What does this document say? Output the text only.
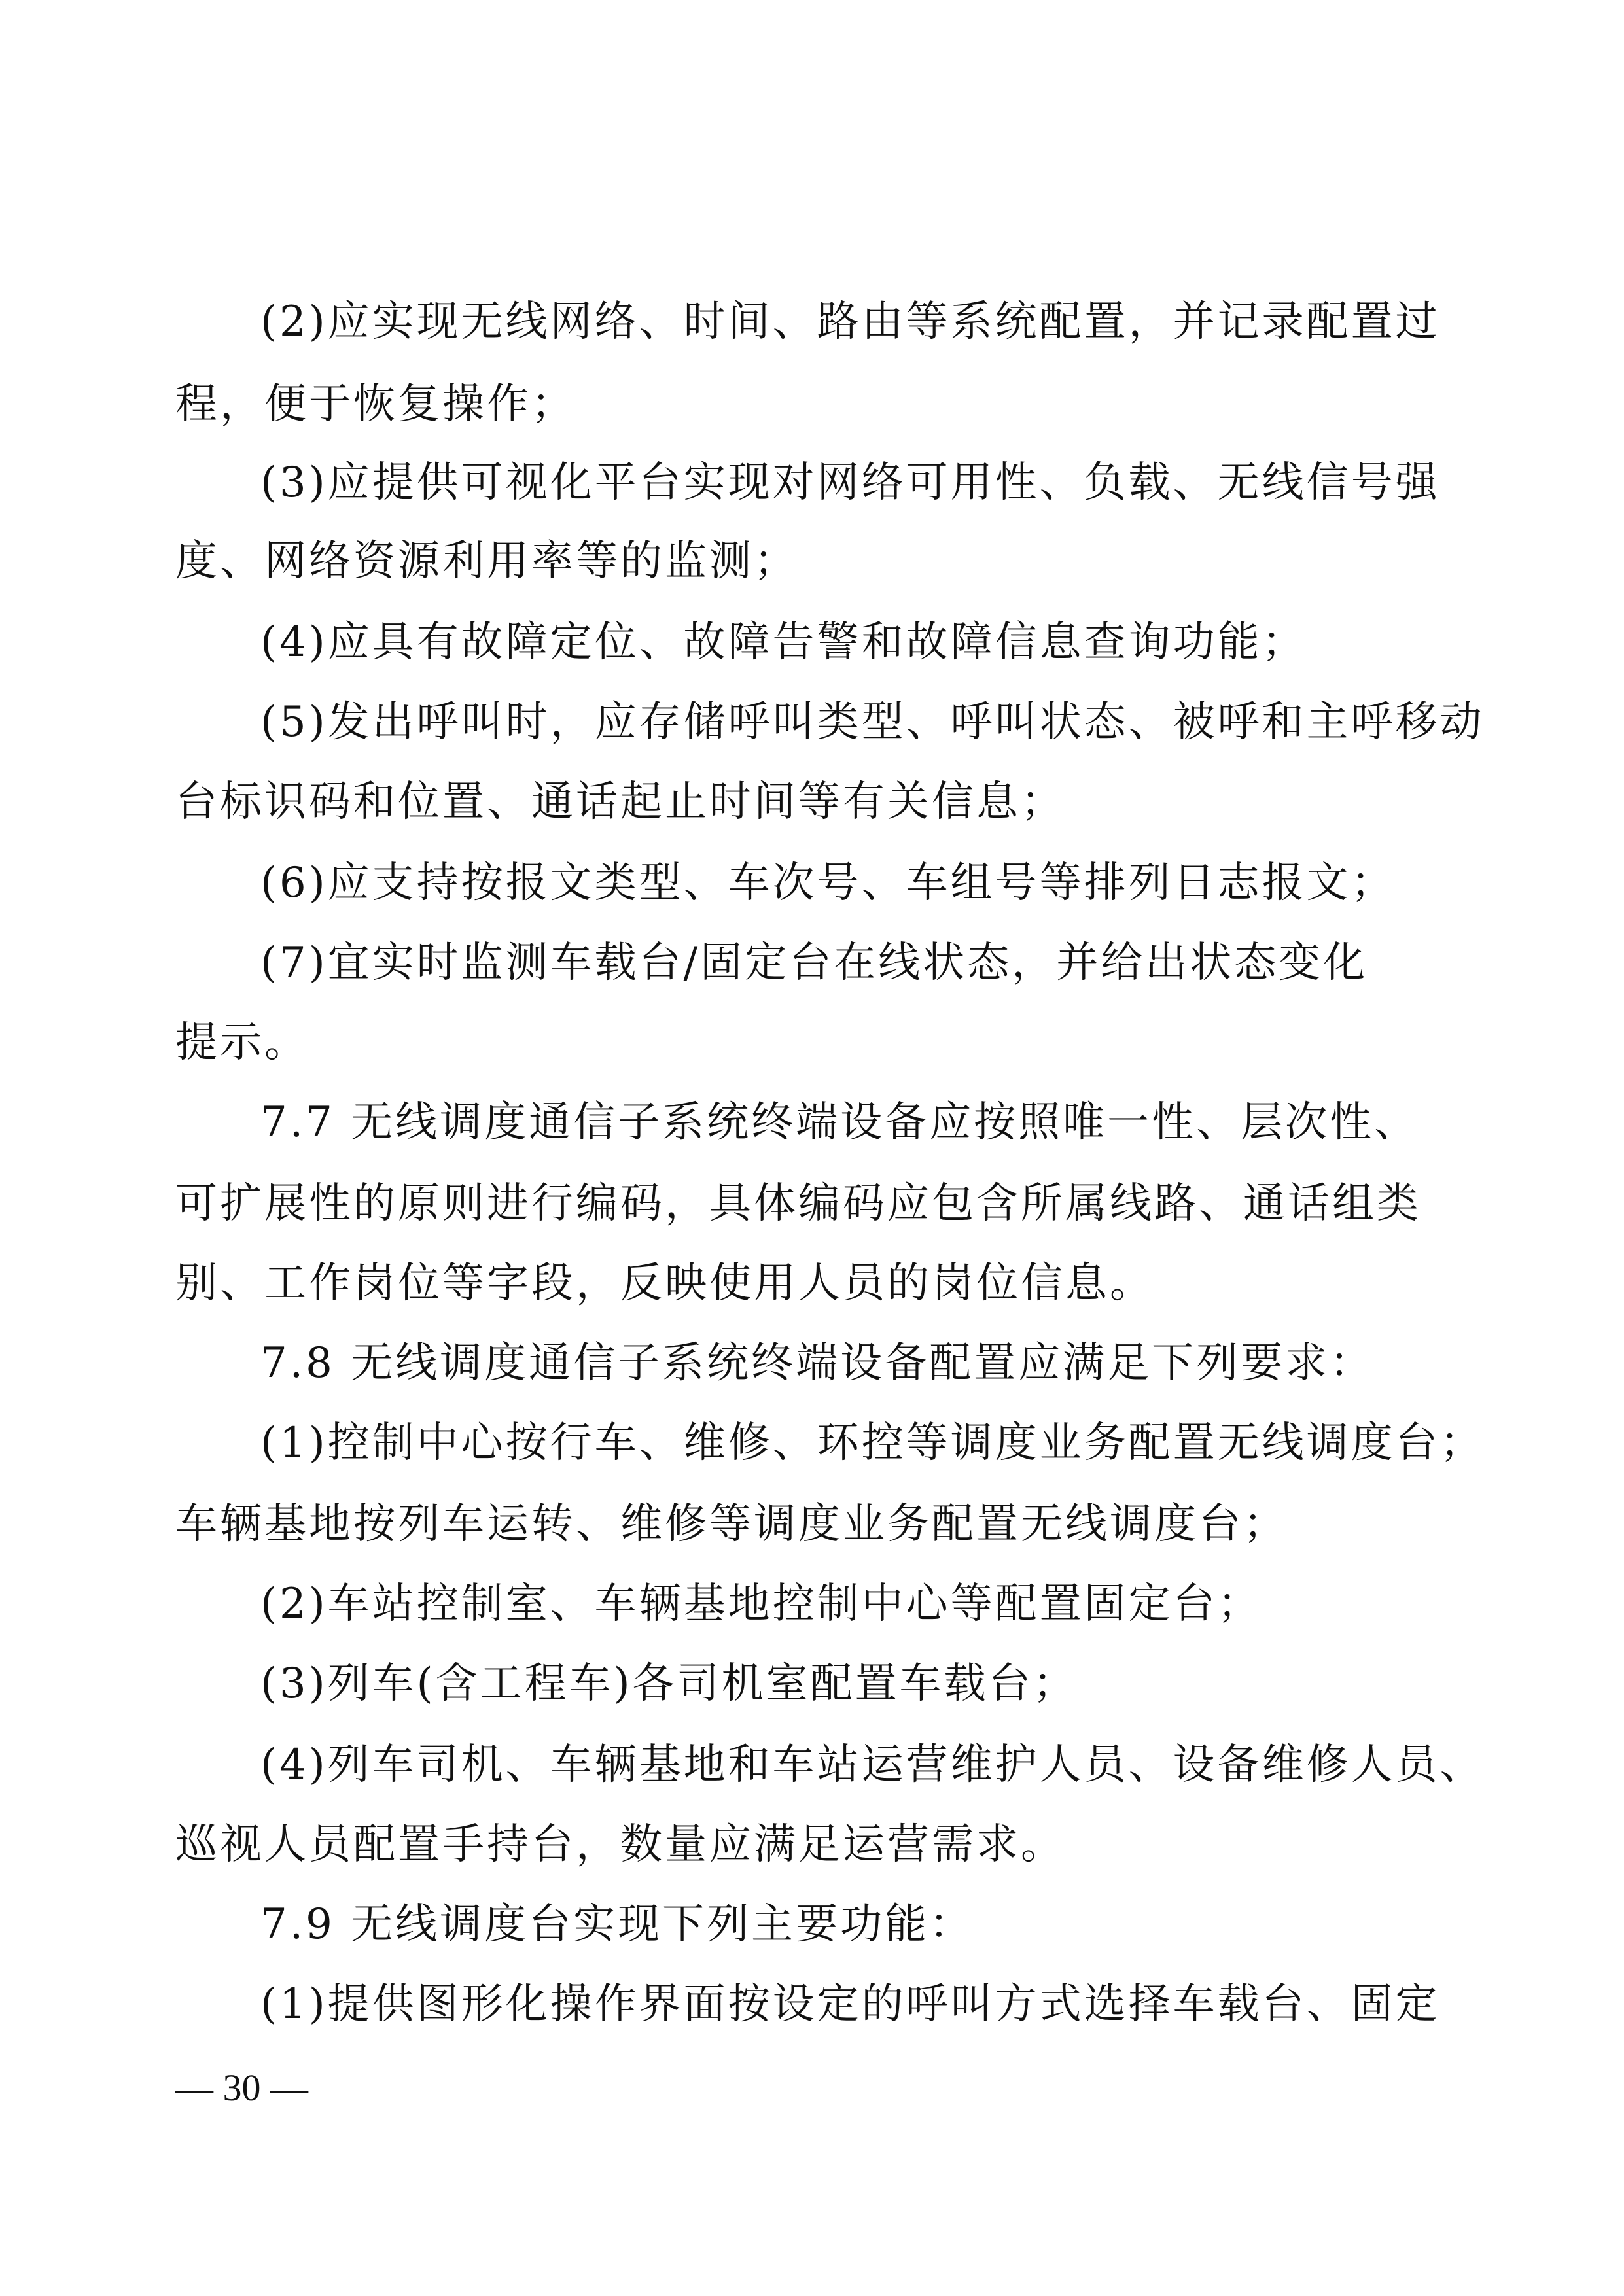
(2)应实现无线网络、时间、路由等系统配置，并记录配置过
程，便于恢复操作；
(3)应提供可视化平台实现对网络可用性、负载、无线信号强
度、网络资源利用率等的监测；
(4)应具有故障定位、故障告警和故障信息查询功能；
(5)发出呼叫时，应存储呼叫类型、呼叫状态、被呼和主呼移动
台标识码和位置、通话起止时间等有关信息；
(6)应支持按报文类型、车次号、车组号等排列日志报文；
(7)宜实时监测车载台/固定台在线状态，并给出状态变化
提示。
7.7 无线调度通信子系统终端设备应按照唯一性、层次性、
可扩展性的原则进行编码，具体编码应包含所属线路、通话组类
别、工作岗位等字段，反映使用人员的岗位信息。
7.8 无线调度通信子系统终端设备配置应满足下列要求：
(1)控制中心按行车、维修、环控等调度业务配置无线调度台；
车辆基地按列车运转、维修等调度业务配置无线调度台；
(2)车站控制室、车辆基地控制中心等配置固定台；
(3)列车(含工程车)各司机室配置车载台；
(4)列车司机、车辆基地和车站运营维护人员、设备维修人员、
巡视人员配置手持台，数量应满足运营需求。
7.9 无线调度台实现下列主要功能：
(1)提供图形化操作界面按设定的呼叫方式选择车载台、固定
— 30 —
